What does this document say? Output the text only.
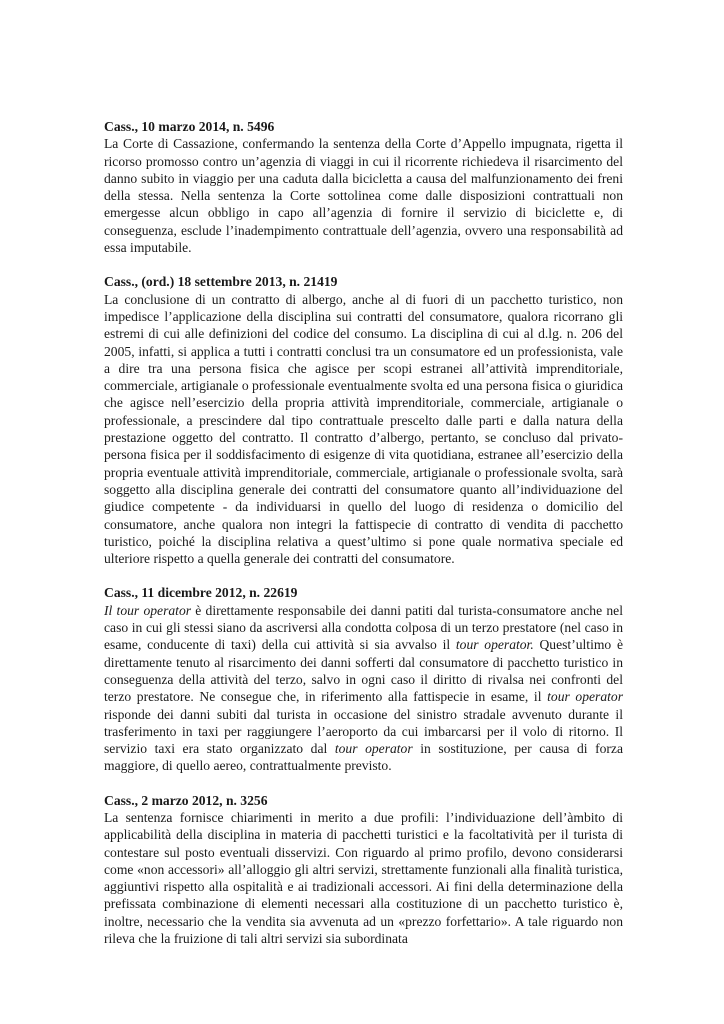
Cass., 10 marzo 2014, n. 5496

La Corte di Cassazione, confermando la sentenza della Corte d’Appello impugnata, rigetta il ricorso promosso contro un’agenzia di viaggi in cui il ricorrente richiedeva il risarcimento del danno subito in viaggio per una caduta dalla bicicletta a causa del malfunzionamento dei freni della stessa. Nella sentenza la Corte sottolinea come dalle disposizioni contrattuali non emergesse alcun obbligo in capo all’agenzia di fornire il servizio di biciclette e, di conseguenza, esclude l’inadempimento contrattuale dell’agenzia, ovvero una responsabilità ad essa imputabile.

Cass., (ord.) 18 settembre 2013, n. 21419

La conclusione di un contratto di albergo, anche al di fuori di un pacchetto turistico, non impedisce l’applicazione della disciplina sui contratti del consumatore, qualora ricorrano gli estremi di cui alle definizioni del codice del consumo. La disciplina di cui al d.lg. n. 206 del 2005, infatti, si applica a tutti i contratti conclusi tra un consumatore ed un professionista, vale a dire tra una persona fisica che agisce per scopi estranei all’attività imprenditoriale, commerciale, artigianale o professionale eventualmente svolta ed una persona fisica o giuridica che agisce nell’esercizio della propria attività imprenditoriale, commerciale, artigianale o professionale, a prescindere dal tipo contrattuale prescelto dalle parti e dalla natura della prestazione oggetto del contratto. Il contratto d’albergo, pertanto, se concluso dal privato-persona fisica per il soddisfacimento di esigenze di vita quotidiana, estranee all’esercizio della propria eventuale attività imprenditoriale, commerciale, artigianale o professionale svolta, sarà soggetto alla disciplina generale dei contratti del consumatore quanto all’individuazione del giudice competente - da individuarsi in quello del luogo di residenza o domicilio del consumatore, anche qualora non integri la fattispecie di contratto di vendita di pacchetto turistico, poiché la disciplina relativa a quest’ultimo si pone quale normativa speciale ed ulteriore rispetto a quella generale dei contratti del consumatore.

Cass., 11 dicembre 2012, n. 22619

Il tour operator è direttamente responsabile dei danni patiti dal turista-consumatore anche nel caso in cui gli stessi siano da ascriversi alla condotta colposa di un terzo prestatore (nel caso in esame, conducente di taxi) della cui attività si sia avvalso il tour operator. Quest’ultimo è direttamente tenuto al risarcimento dei danni sofferti dal consumatore di pacchetto turistico in conseguenza della attività del terzo, salvo in ogni caso il diritto di rivalsa nei confronti del terzo prestatore. Ne consegue che, in riferimento alla fattispecie in esame, il tour operator risponde dei danni subiti dal turista in occasione del sinistro stradale avvenuto durante il trasferimento in taxi per raggiungere l’aeroporto da cui imbarcarsi per il volo di ritorno. Il servizio taxi era stato organizzato dal tour operator in sostituzione, per causa di forza maggiore, di quello aereo, contrattualmente previsto.

Cass., 2 marzo 2012, n. 3256

La sentenza fornisce chiarimenti in merito a due profili: l’individuazione dell’àmbito di applicabilità della disciplina in materia di pacchetti turistici e la facoltatività per il turista di contestare sul posto eventuali disservizi. Con riguardo al primo profilo, devono considerarsi come «non accessori» all’alloggio gli altri servizi, strettamente funzionali alla finalità turistica, aggiuntivi rispetto alla ospitalità e ai tradizionali accessori. Ai fini della determinazione della prefissata combinazione di elementi necessari alla costituzione di un pacchetto turistico è, inoltre, necessario che la vendita sia avvenuta ad un «prezzo forfettario». A tale riguardo non rileva che la fruizione di tali altri servizi sia subordinata
